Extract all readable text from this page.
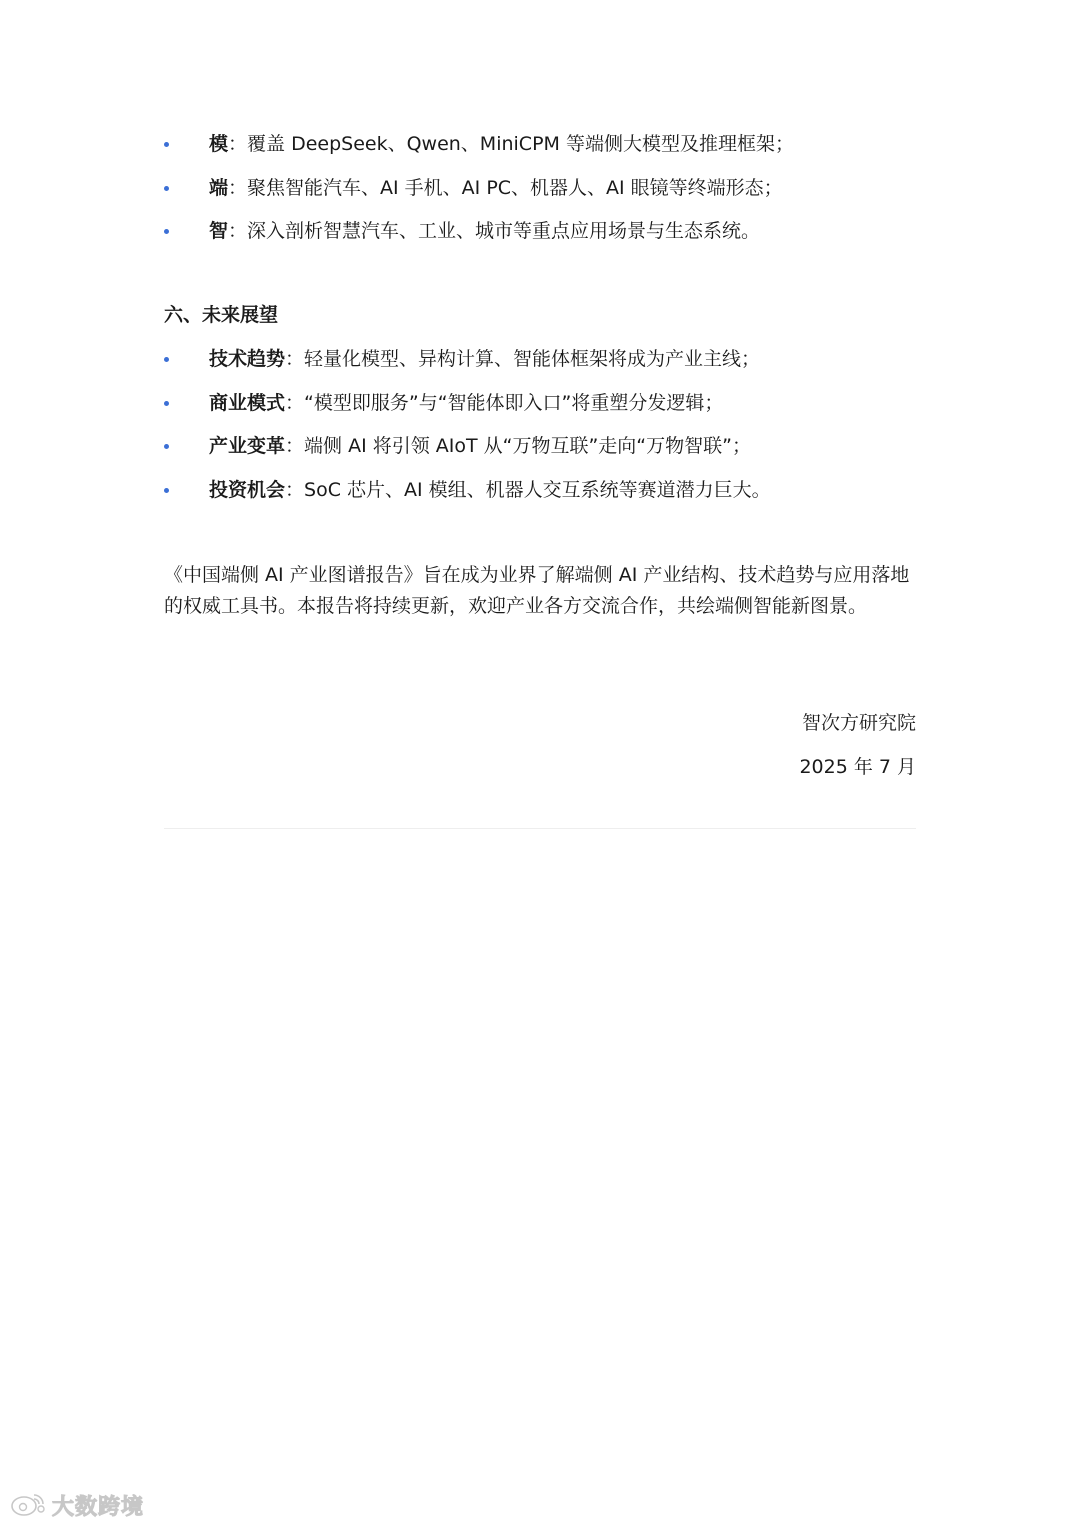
模：覆盖 DeepSeek、Qwen、MiniCPM 等端侧大模型及推理框架；
端：聚焦智能汽车、AI 手机、AI PC、机器人、AI 眼镜等终端形态；
智：深入剖析智慧汽车、工业、城市等重点应用场景与生态系统。
六、未来展望
技术趋势：轻量化模型、异构计算、智能体框架将成为产业主线；
商业模式：“模型即服务”与“智能体即入口”将重塑分发逻辑；
产业变革：端侧 AI 将引领 AIoT 从“万物互联”走向“万物智联”；
投资机会：SoC 芯片、AI 模组、机器人交互系统等赛道潜力巨大。

《中国端侧 AI 产业图谱报告》旨在成为业界了解端侧 AI 产业结构、技术趋势与应用落地的权威工具书。本报告将持续更新，欢迎产业各方交流合作，共绘端侧智能新图景。

智次方研究院
2025 年 7 月
大数跨境
